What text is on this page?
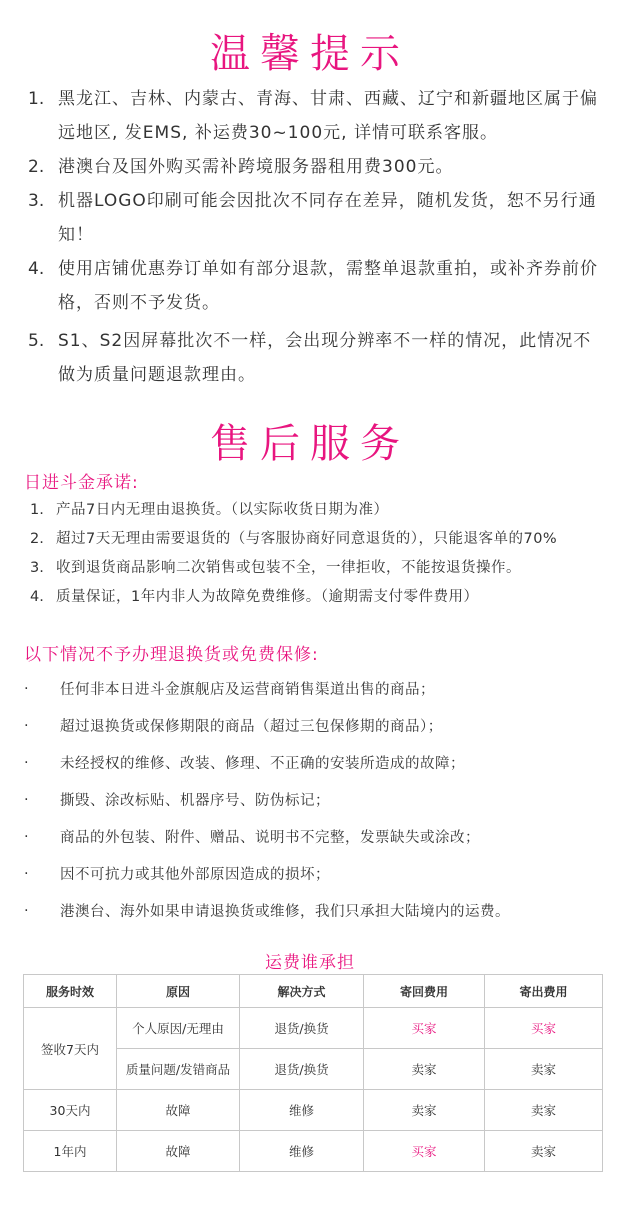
温馨提示
1. 黑龙江、吉林、内蒙古、青海、甘肃、西藏、辽宁和新疆地区属于偏远地区, 发EMS, 补运费30~100元, 详情可联系客服。
2. 港澳台及国外购买需补跨境服务器租用费300元。
3. 机器LOGO印刷可能会因批次不同存在差异，随机发货，恕不另行通知！
4. 使用店铺优惠券订单如有部分退款，需整单退款重拍，或补齐券前价格，否则不予发货。
5. S1、S2因屏幕批次不一样，会出现分辨率不一样的情况，此情况不做为质量问题退款理由。
售后服务
日进斗金承诺:
1. 产品7日内无理由退换货。（以实际收货日期为准）
2. 超过7天无理由需要退货的（与客服协商好同意退货的），只能退客单的70%
3. 收到退货商品影响二次销售或包装不全，一律拒收，不能按退货操作。
4. 质量保证，1年内非人为故障免费维修。（逾期需支付零件费用）
以下情况不予办理退换货或免费保修:
·	任何非本日进斗金旗舰店及运营商销售渠道出售的商品；
·	超过退换货或保修期限的商品（超过三包保修期的商品）；
·	未经授权的维修、改装、修理、不正确的安装所造成的故障；
·	撕毁、涂改标贴、机器序号、防伪标记；
·	商品的外包装、附件、赠品、说明书不完整，发票缺失或涂改；
·	因不可抗力或其他外部原因造成的损坏；
·	港澳台、海外如果申请退换货或维修，我们只承担大陆境内的运费。
运费谁承担
服务时效	原因	解决方式	寄回费用	寄出费用
签收7天内	个人原因/无理由	退货/换货	买家	买家
	质量问题/发错商品	退货/换货	卖家	卖家
30天内	故障	维修	卖家	卖家
1年内	故障	维修	买家	卖家
